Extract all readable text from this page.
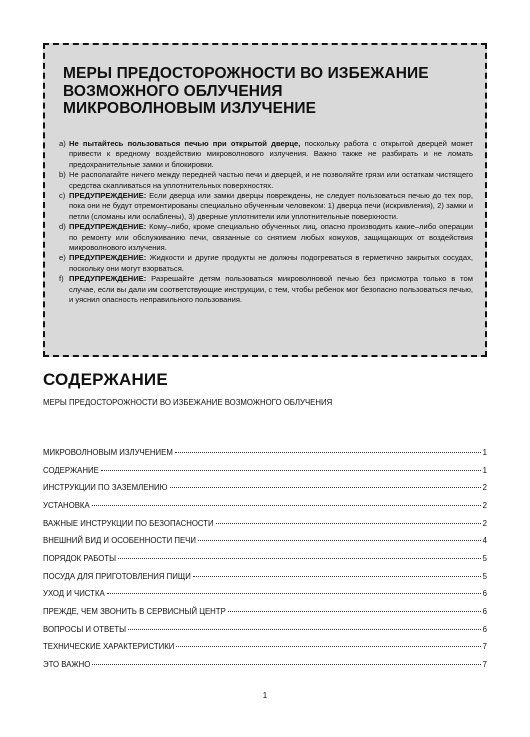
МЕРЫ ПРЕДОСТОРОЖНОСТИ ВО ИЗБЕЖАНИЕ
ВОЗМОЖНОГО ОБЛУЧЕНИЯ
МИКРОВОЛНОВЫМ ИЗЛУЧЕНИЕ
a) Не пытайтесь пользоваться печью при открытой дверце, поскольку работа с открытой дверцей может привести к вредному воздействию микроволнового излучения. Важно также не разбирать и не ломать предохранительные замки и блокировки.
b) Не располагайте ничего между передней частью печи и дверцей, и не позволяйте грязи или остаткам чистящего средства скапливаться на уплотнительных поверхностях.
c) ПРЕДУПРЕЖДЕНИЕ: Если дверца или замки дверцы повреждены, не следует пользоваться печью до тех пор, пока они не будут отремонтированы специально обученным человеком: 1) дверца печи (искривления), 2) замки и петли (сломаны или ослаблены), 3) дверные уплотнители или уплотнительные поверхности.
d) ПРЕДУПРЕЖДЕНИЕ: Кому–либо, кроме специально обученных лиц, опасно производить какие–либо операции по ремонту или обслуживанию печи, связанные со снятием любых кожухов, защищающих от воздействия микроволнового излучения.
e) ПРЕДУПРЕЖДЕНИЕ: Жидкости и другие продукты не должны подогреваться в герметично закрытых сосудах, поскольку они могут взорваться.
f) ПРЕДУПРЕЖДЕНИЕ: Разрешайте детям пользоваться микроволновой печью без присмотра только в том случае, если вы дали им соответствующие инструкции, с тем, чтобы ребенок мог безопасно пользоваться печью, и уяснил опасность неправильного пользования.
СОДЕРЖАНИЕ
МЕРЫ ПРЕДОСТОРОЖНОСТИ ВО ИЗБЕЖАНИЕ ВОЗМОЖНОГО ОБЛУЧЕНИЯ
МИКРОВОЛНОВЫМ ИЗЛУЧЕНИЕМ	1
СОДЕРЖАНИЕ	1
ИНСТРУКЦИИ ПО ЗАЗЕМЛЕНИЮ	2
УСТАНОВКА	2
ВАЖНЫЕ ИНСТРУКЦИИ ПО БЕЗОПАСНОСТИ	2
ВНЕШНИЙ ВИД И ОСОБЕННОСТИ ПЕЧИ	4
ПОРЯДОК РАБОТЫ	5
ПОСУДА ДЛЯ ПРИГОТОВЛЕНИЯ ПИЩИ	5
УХОД И ЧИСТКА	6
ПРЕЖДЕ, ЧЕМ ЗВОНИТЬ В СЕРВИСНЫЙ ЦЕНТР	6
ВОПРОСЫ И ОТВЕТЫ	6
ТЕХНИЧЕСКИЕ ХАРАКТЕРИСТИКИ	7
ЭТО ВАЖНО	7
1
